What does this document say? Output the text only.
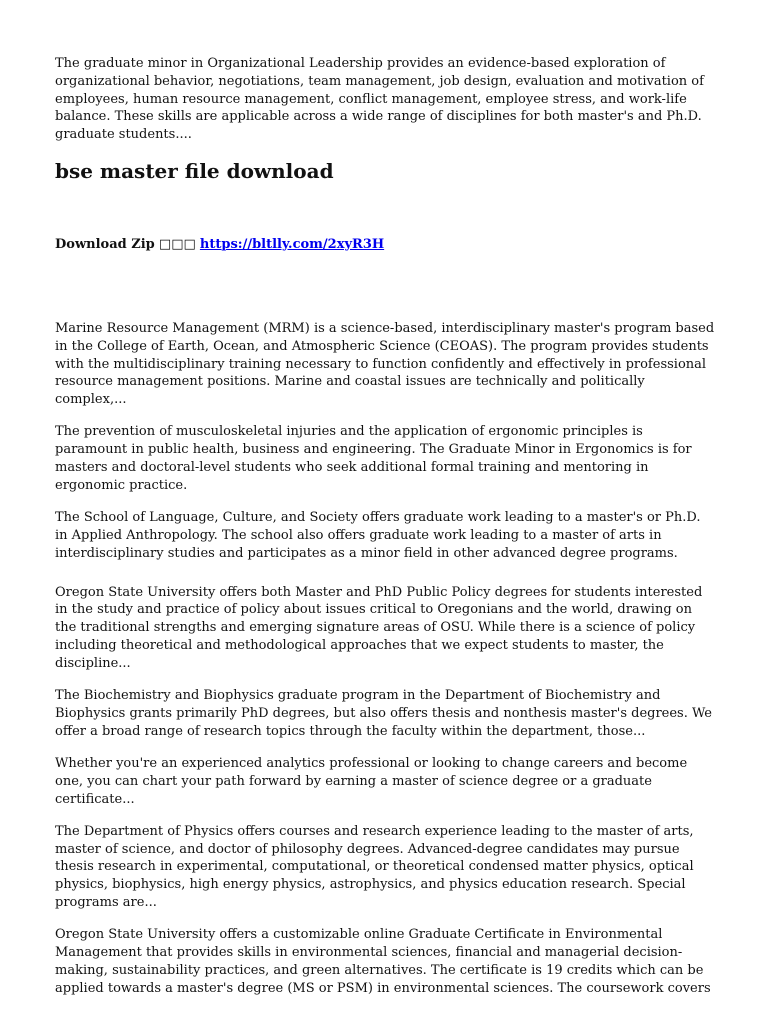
The graduate minor in Organizational Leadership provides an evidence-based exploration of organizational behavior, negotiations, team management, job design, evaluation and motivation of employees, human resource management, conflict management, employee stress, and work-life balance. These skills are applicable across a wide range of disciplines for both master's and Ph.D. graduate students....

bse master file download
Download Zip □□□ https://bltlly.com/2xyR3H

Marine Resource Management (MRM) is a science-based, interdisciplinary master's program based in the College of Earth, Ocean, and Atmospheric Science (CEOAS). The program provides students with the multidisciplinary training necessary to function confidently and effectively in professional resource management positions. Marine and coastal issues are technically and politically complex,...

The prevention of musculoskeletal injuries and the application of ergonomic principles is paramount in public health, business and engineering. The Graduate Minor in Ergonomics is for masters and doctoral-level students who seek additional formal training and mentoring in ergonomic practice.

The School of Language, Culture, and Society offers graduate work leading to a master's or Ph.D. in Applied Anthropology. The school also offers graduate work leading to a master of arts in interdisciplinary studies and participates as a minor field in other advanced degree programs.

Oregon State University offers both Master and PhD Public Policy degrees for students interested in the study and practice of policy about issues critical to Oregonians and the world, drawing on the traditional strengths and emerging signature areas of OSU. While there is a science of policy including theoretical and methodological approaches that we expect students to master, the discipline...

The Biochemistry and Biophysics graduate program in the Department of Biochemistry and Biophysics grants primarily PhD degrees, but also offers thesis and nonthesis master's degrees. We offer a broad range of research topics through the faculty within the department, those...

Whether you're an experienced analytics professional or looking to change careers and become one, you can chart your path forward by earning a master of science degree or a graduate certificate...

The Department of Physics offers courses and research experience leading to the master of arts, master of science, and doctor of philosophy degrees. Advanced-degree candidates may pursue thesis research in experimental, computational, or theoretical condensed matter physics, optical physics, biophysics, high energy physics, astrophysics, and physics education research. Special programs are...

Oregon State University offers a customizable online Graduate Certificate in Environmental Management that provides skills in environmental sciences, financial and managerial decision-making, sustainability practices, and green alternatives. The certificate is 19 credits which can be applied towards a master's degree (MS or PSM) in environmental sciences. The coursework covers
